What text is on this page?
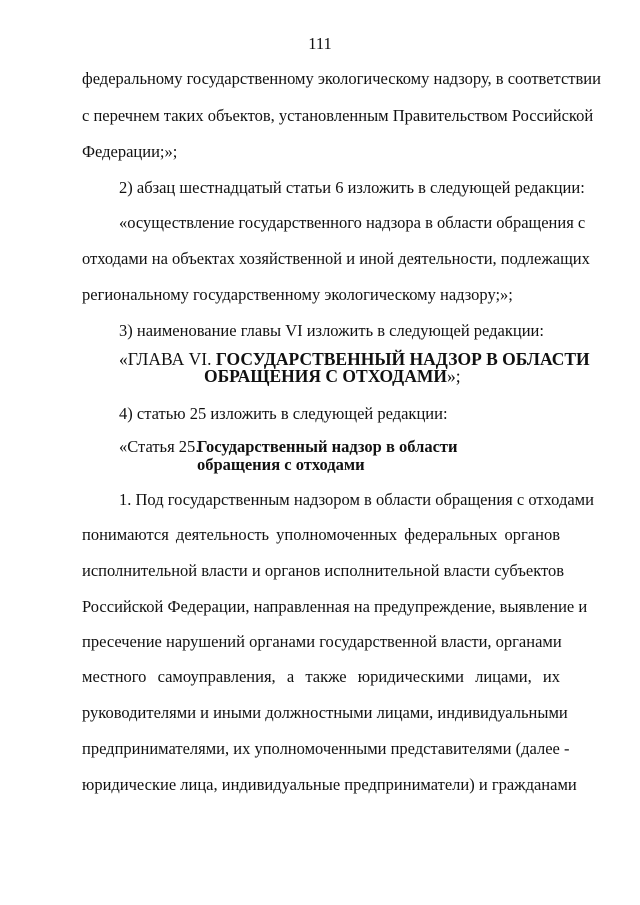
111

федеральному государственному экологическому надзору, в соответствии

с перечнем таких объектов, установленным Правительством Российской

Федерации;»;

2) абзац шестнадцатый статьи 6 изложить в следующей редакции:

«осуществление государственного надзора в области обращения с

отходами на объектах хозяйственной и иной деятельности, подлежащих

региональному государственному экологическому надзору;»;

3) наименование главы VI изложить в следующей редакции:

«ГЛАВА VI. ГОСУДАРСТВЕННЫЙ НАДЗОР В ОБЛАСТИ
ОБРАЩЕНИЯ С ОТХОДАМИ»;

4) статью 25 изложить в следующей редакции:

«Статья 25.
Государственный надзор в области
обращения с отходами

1. Под государственным надзором в области обращения с отходами

понимаются деятельность уполномоченных федеральных органов

исполнительной власти и органов исполнительной власти субъектов

Российской Федерации, направленная на предупреждение, выявление и

пресечение нарушений органами государственной власти, органами

местного самоуправления, а также юридическими лицами, их

руководителями и иными должностными лицами, индивидуальными

предпринимателями, их уполномоченными представителями (далее -

юридические лица, индивидуальные предприниматели) и гражданами
